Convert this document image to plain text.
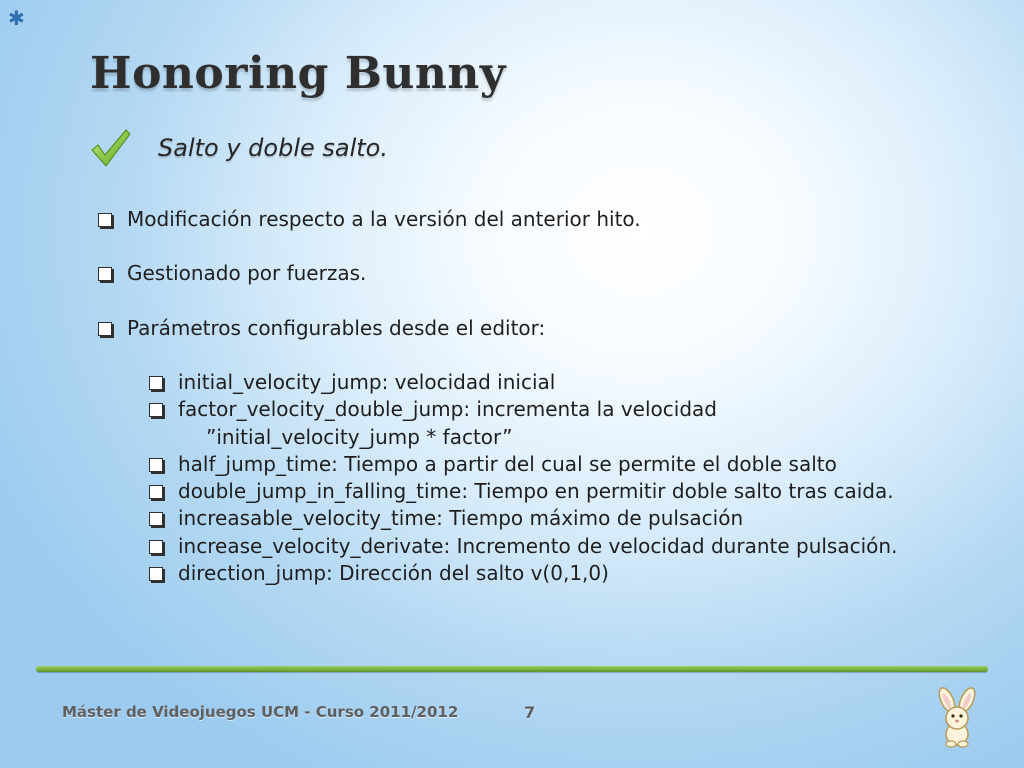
✱
Honoring Bunny
Salto y doble salto.
Modificación respecto a la versión del anterior hito.
Gestionado por fuerzas.
Parámetros configurables desde el editor:
initial_velocity_jump: velocidad inicial
factor_velocity_double_jump: incrementa la velocidad
”initial_velocity_jump * factor”
half_jump_time: Tiempo a partir del cual se permite el doble salto
double_jump_in_falling_time: Tiempo en permitir doble salto tras caida.
increasable_velocity_time: Tiempo máximo de pulsación
increase_velocity_derivate: Incremento de velocidad durante pulsación.
direction_jump: Dirección del salto v(0,1,0)
Máster de Videojuegos UCM - Curso 2011/2012	7
